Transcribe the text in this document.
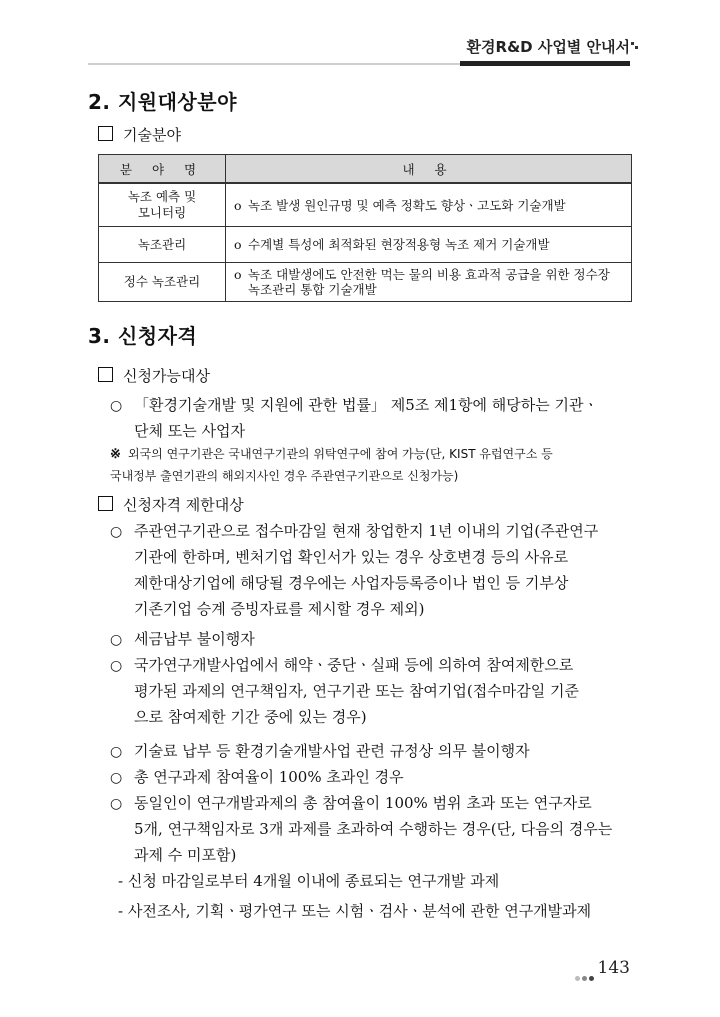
환경R&D 사업별 안내서
2. 지원대상분야
기술분야
분 야 명	내 용
녹조 예측 및
모니터링	o 녹조 발생 원인규명 및 예측 정확도 향상ㆍ고도화 기술개발

녹조관리	o 수계별 특성에 최적화된 현장적용형 녹조 제거 기술개발

정수 녹조관리	o 녹조 대발생에도 안전한 먹는 물의 비용 효과적 공급을 위한 정수장
녹조관리 통합 기술개발
3. 신청자격
신청가능대상
○ 「환경기술개발 및 지원에 관한 법률」 제5조 제1항에 해당하는 기관ㆍ
단체 또는 사업자
※ 외국의 연구기관은 국내연구기관의 위탁연구에 참여 가능(단, KIST 유럽연구소 등
국내정부 출연기관의 해외지사인 경우 주관연구기관으로 신청가능)
신청자격 제한대상
○ 주관연구기관으로 접수마감일 현재 창업한지 1년 이내의 기업(주관연구
기관에 한하며, 벤처기업 확인서가 있는 경우 상호변경 등의 사유로
제한대상기업에 해당될 경우에는 사업자등록증이나 법인 등 기부상
기존기업 승계 증빙자료를 제시할 경우 제외)
○ 세금납부 불이행자
○ 국가연구개발사업에서 해약ㆍ중단ㆍ실패 등에 의하여 참여제한으로
평가된 과제의 연구책임자, 연구기관 또는 참여기업(접수마감일 기준
으로 참여제한 기간 중에 있는 경우)
○ 기술료 납부 등 환경기술개발사업 관련 규정상 의무 불이행자
○ 총 연구과제 참여율이 100% 초과인 경우
○ 동일인이 연구개발과제의 총 참여율이 100% 범위 초과 또는 연구자로
5개, 연구책임자로 3개 과제를 초과하여 수행하는 경우(단, 다음의 경우는
과제 수 미포함)
- 신청 마감일로부터 4개월 이내에 종료되는 연구개발 과제
- 사전조사, 기획ㆍ평가연구 또는 시험ㆍ검사ㆍ분석에 관한 연구개발과제
143
